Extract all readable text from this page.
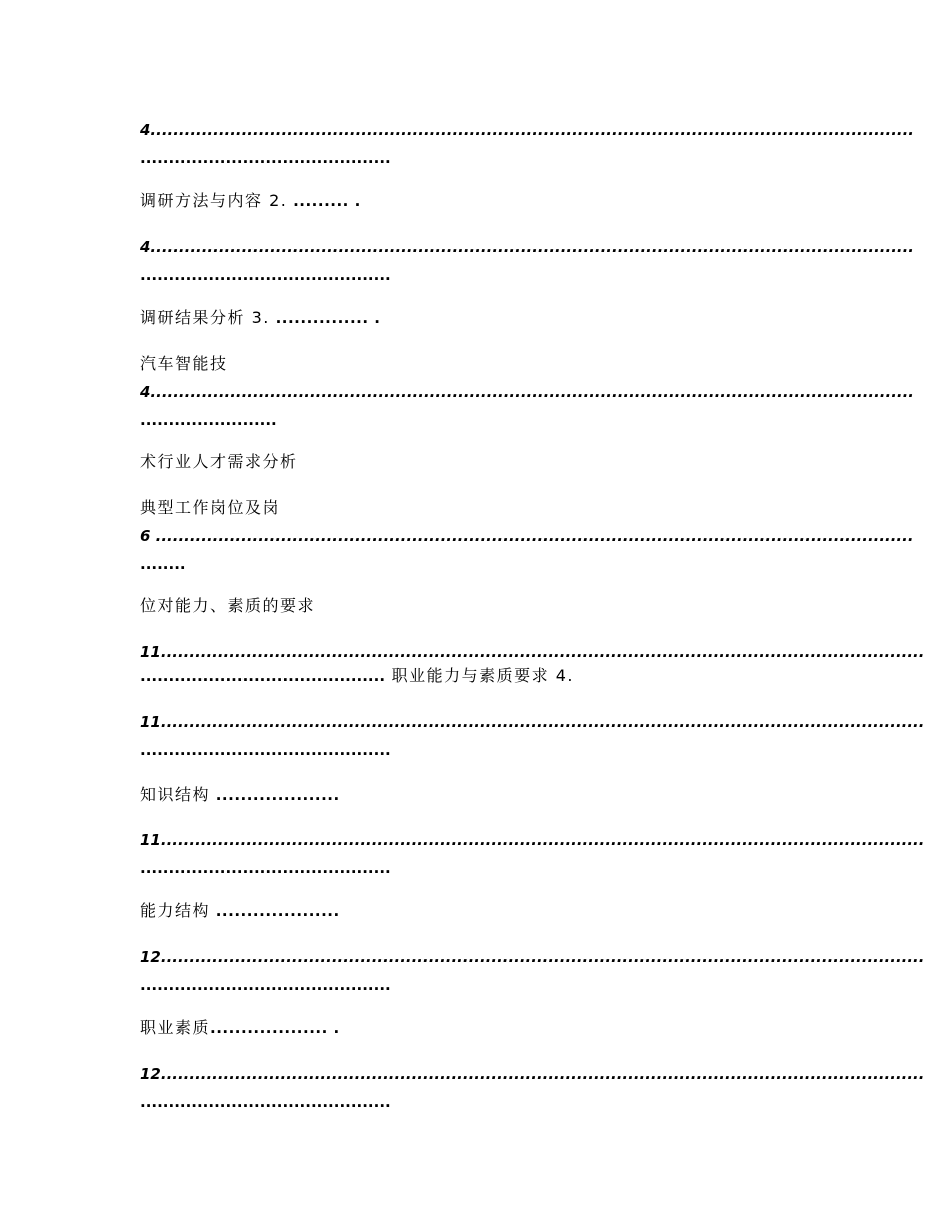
4......................................................................................................................................
............................................
调研方法与内容 2. ......... .
4......................................................................................................................................
............................................
调研结果分析 3. ............... .
汽车智能技
4......................................................................................................................................
........................
术行业人才需求分析
典型工作岗位及岗
6 .....................................................................................................................................
........
位对能力、素质的要求
11......................................................................................................................................
........................................... 职业能力与素质要求 4.
11......................................................................................................................................
............................................
知识结构 ....................
11......................................................................................................................................
............................................
能力结构 ....................
12......................................................................................................................................
............................................
职业素质................... .
12......................................................................................................................................
............................................
